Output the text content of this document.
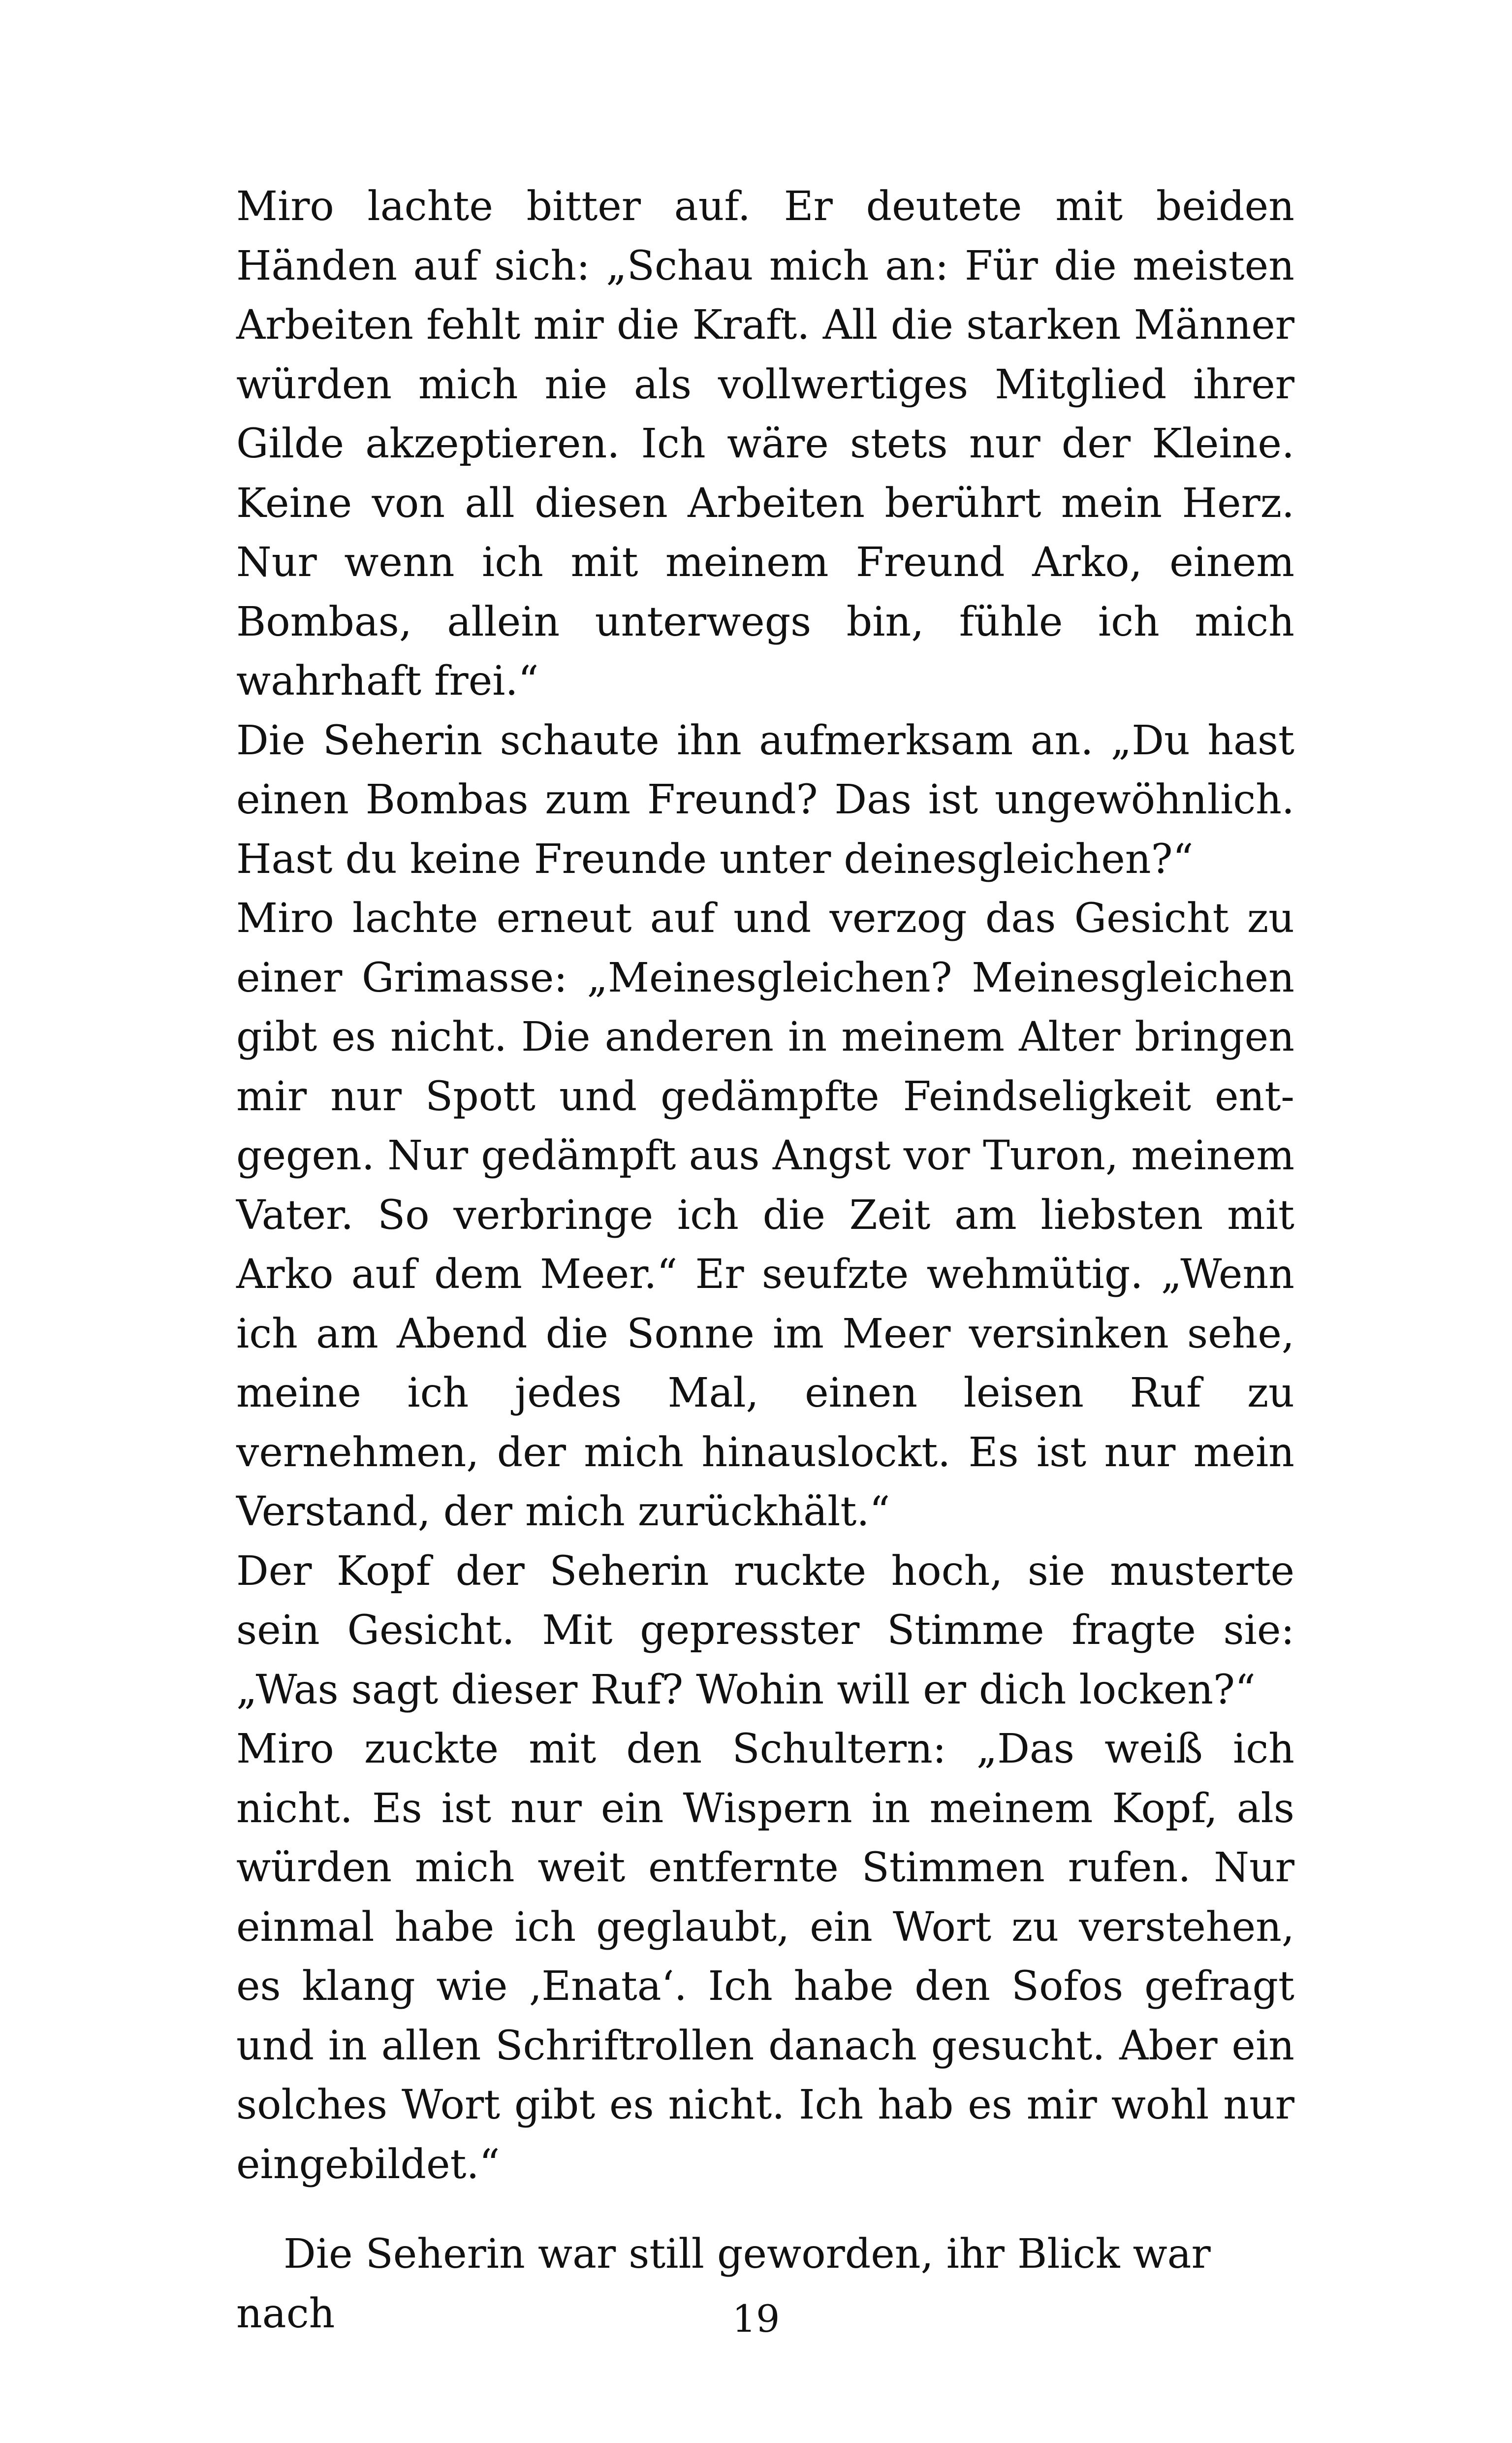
Miro lachte bitter auf. Er deutete mit beiden Händen auf sich: „Schau mich an: Für die meisten Arbeiten fehlt mir die Kraft. All die starken Männer würden mich nie als vollwertiges Mitglied ihrer Gilde akzeptieren. Ich wäre stets nur der Kleine. Keine von all diesen Arbeiten berührt mein Herz. Nur wenn ich mit meinem Freund Arko, einem Bombas, allein unterwegs bin, fühle ich mich wahrhaft frei.“

Die Seherin schaute ihn aufmerksam an. „Du hast einen Bombas zum Freund? Das ist ungewöhnlich. Hast du keine Freunde unter deinesgleichen?“

Miro lachte erneut auf und verzog das Gesicht zu einer Grimasse: „Meinesgleichen? Meinesgleichen gibt es nicht. Die anderen in meinem Alter bringen mir nur Spott und gedämpfte Feindseligkeit entgegen. Nur gedämpft aus Angst vor Turon, meinem Vater. So verbringe ich die Zeit am liebsten mit Arko auf dem Meer.“ Er seufzte wehmütig. „Wenn ich am Abend die Sonne im Meer versinken sehe, meine ich jedes Mal, einen leisen Ruf zu vernehmen, der mich hinauslockt. Es ist nur mein Verstand, der mich zurückhält.“

Der Kopf der Seherin ruckte hoch, sie musterte sein Gesicht. Mit gepresster Stimme fragte sie: „Was sagt dieser Ruf? Wohin will er dich locken?“

Miro zuckte mit den Schultern: „Das weiß ich nicht. Es ist nur ein Wispern in meinem Kopf, als würden mich weit entfernte Stimmen rufen. Nur einmal habe ich geglaubt, ein Wort zu verstehen, es klang wie ‚Enata‘. Ich habe den Sofos gefragt und in allen Schriftrollen danach gesucht. Aber ein solches Wort gibt es nicht. Ich hab es mir wohl nur eingebildet.“

Die Seherin war still geworden, ihr Blick war nach	19
